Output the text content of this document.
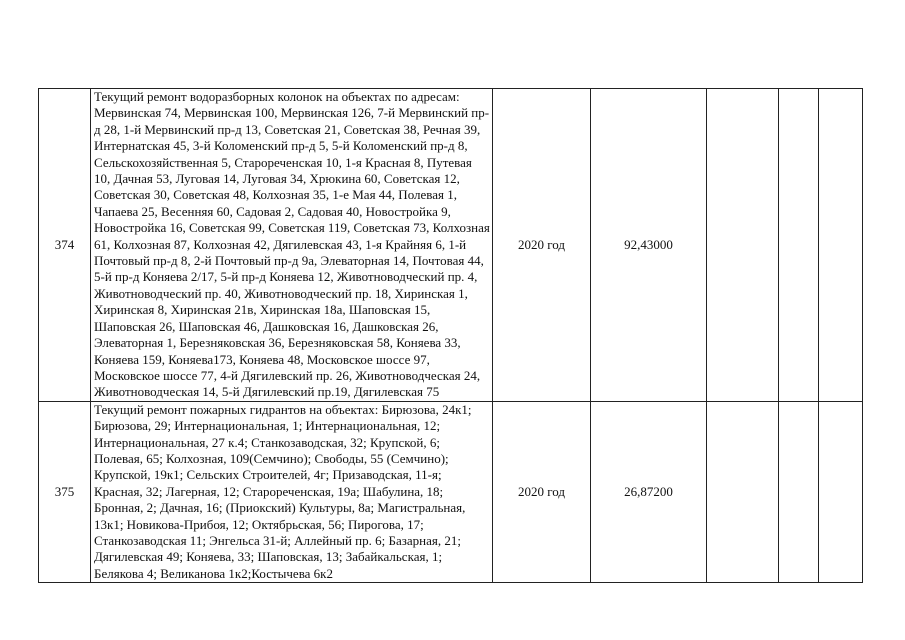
374	Текущий ремонт водоразборных колонок на объектах по адресам: Мервинская 74, Мервинская 100, Мервинская 126, 7-й Мервинский пр-д 28, 1-й Мервинский пр-д 13, Советская 21, Советская 38, Речная 39, Интернатская 45, 3-й Коломенский пр-д 5, 5-й Коломенский пр-д 8, Сельскохозяйственная 5, Старореченская 10, 1-я Красная 8, Путевая 10, Дачная 53, Луговая 14, Луговая 34, Хрюкина 60, Советская 12, Советская 30, Советская 48, Колхозная 35, 1-е Мая 44, Полевая 1, Чапаева 25, Весенняя 60, Садовая 2, Садовая 40, Новостройка 9, Новостройка 16, Советская 99, Советская 119, Советская 73, Колхозная 61, Колхозная 87, Колхозная 42, Дягилевская 43, 1-я Крайняя 6, 1-й Почтовый пр-д 8, 2-й Почтовый пр-д 9а, Элеваторная 14, Почтовая 44, 5-й пр-д Коняева 2/17, 5-й пр-д Коняева 12, Животноводческий пр. 4, Животноводческий пр. 40, Животноводческий пр. 18, Хиринская 1, Хиринская 8, Хиринская 21в, Хиринская 18а, Шаповская 15, Шаповская 26, Шаповская 46, Дашковская 16, Дашковская 26, Элеваторная 1, Березняковская 36, Березняковская 58, Коняева 33, Коняева 159, Коняева173, Коняева 48, Московское шоссе 97, Московское шоссе 77, 4-й Дягилевский пр. 26, Животноводческая 24, Животноводческая 14, 5-й Дягилевский пр.19, Дягилевская 75	2020 год	92,43000			
375	Текущий ремонт пожарных гидрантов на объектах: Бирюзова, 24к1; Бирюзова, 29; Интернациональная, 1; Интернациональная, 12; Интернациональная, 27 к.4; Станкозаводская, 32; Крупской, 6; Полевая, 65; Колхозная, 109(Семчино); Свободы, 55 (Семчино); Крупской, 19к1; Сельских Строителей, 4г; Призаводская, 11-я; Красная, 32; Лагерная, 12; Старореченская, 19а; Шабулина, 18; Бронная, 2; Дачная, 16; (Приокский) Культуры, 8а; Магистральная, 13к1; Новикова-Прибоя, 12; Октябрьская, 56; Пирогова, 17; Станкозаводская 11; Энгельса 31-й; Аллейный пр. 6; Базарная, 21; Дягилевская 49; Коняева, 33; Шаповская, 13; Забайкальская, 1; Белякова 4; Великанова 1к2;Костычева 6к2	2020 год	26,87200			
